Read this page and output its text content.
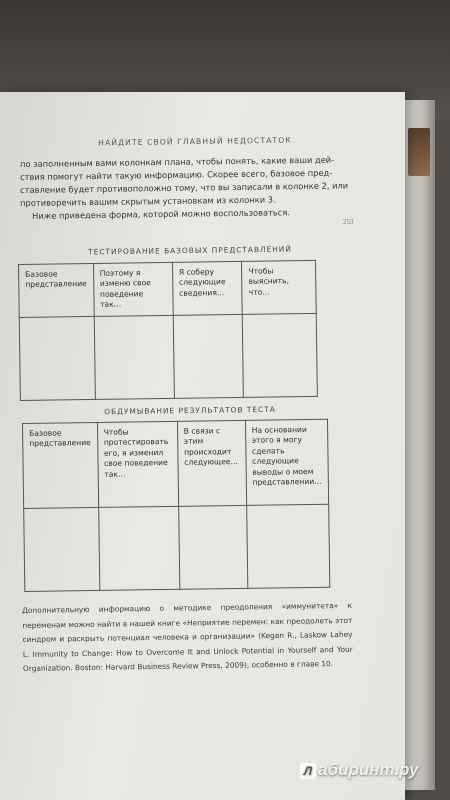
НАЙДИТЕ СВОЙ ГЛАВНЫЙ НЕДОСТАТОК
по заполненным вами колонкам плана, чтобы понять, какие ваши дей-
ствия помогут найти такую информацию. Скорее всего, базовое пред-
ставление будет противоположно тому, что вы записали в колонке 2, или
противоречить вашим скрытым установкам из колонки 3.
Ниже приведена форма, которой можно воспользоваться.
253
ТЕСТИРОВАНИЕ БАЗОВЫХ ПРЕДСТАВЛЕНИЙ
Базовое представление	Поэтому я изменю свое поведение так…	Я соберу следующие сведения…	Чтобы выяснить, что…

ОБДУМЫВАНИЕ РЕЗУЛЬТАТОВ ТЕСТА
Базовое представление	Чтобы протестировать его, я изменил свое поведение так…	В связи с этим происходит следующее…	На основании этого я могу сделать следующие выводы о моем представлении…

Дополнительную информацию о методике преодоления «иммунитета» к переменам можно найти в нашей книге «Неприятие перемен: как преодолеть этот синдром и раскрыть потенциал человека и организации» (Kegan R., Laskow Lahey L. Immunity to Change: How to Overcome It and Unlock Potential in Yourself and Your Organization. Boston: Harvard Business Review Press, 2009), особенно в главе 10.
Л абиринт.ру
